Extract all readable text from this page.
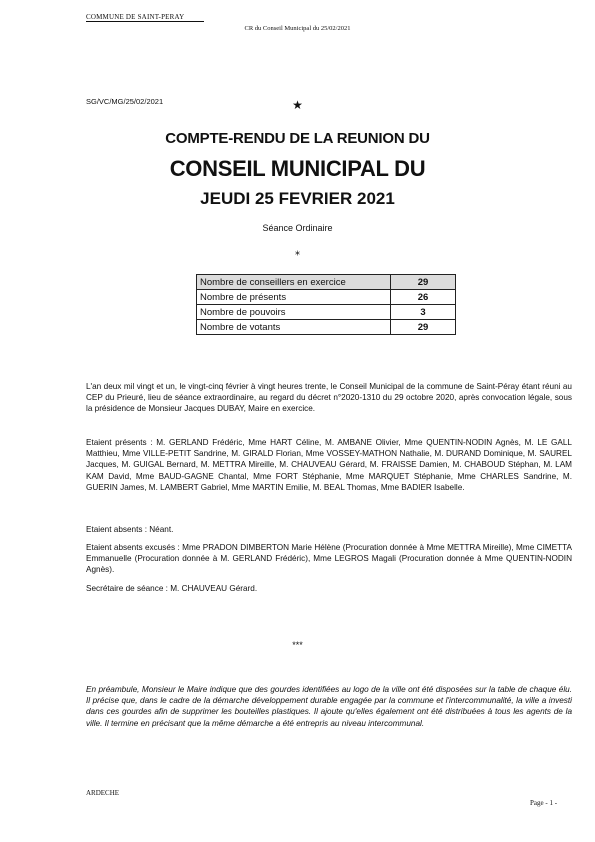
COMMUNE DE SAINT-PERAY
CR du Conseil Municipal du 25/02/2021
SG/VC/MG/25/02/2021	★
COMPTE-RENDU DE LA REUNION DU
CONSEIL MUNICIPAL DU
JEUDI 25 FEVRIER 2021
Séance Ordinaire
⁎
Nombre de conseillers en exercice	29
Nombre de présents	26
Nombre de pouvoirs	3
Nombre de votants	29
L'an deux mil vingt et un, le vingt-cinq février à vingt heures trente, le Conseil Municipal de la commune de Saint-Péray étant réuni au CEP du Prieuré, lieu de séance extraordinaire, au regard du décret n°2020-1310 du 29 octobre 2020, après convocation légale, sous la présidence de Monsieur Jacques DUBAY, Maire en exercice.
Etaient présents : M. GERLAND Frédéric, Mme HART Céline, M. AMBANE Olivier, Mme QUENTIN-NODIN Agnès, M. LE GALL Matthieu, Mme VILLE-PETIT Sandrine, M. GIRALD Florian, Mme VOSSEY-MATHON Nathalie, M. DURAND Dominique, M. SAUREL Jacques, M. GUIGAL Bernard, M. METTRA Mireille, M. CHAUVEAU Gérard, M. FRAISSE Damien, M. CHABOUD Stéphan, M. LAM KAM David, Mme BAUD-GAGNE Chantal, Mme FORT Stéphanie, Mme MARQUET Stéphanie, Mme CHARLES Sandrine, M. GUERIN James, M. LAMBERT Gabriel, Mme MARTIN Emilie, M. BEAL Thomas, Mme BADIER Isabelle.
Etaient absents : Néant.
Etaient absents excusés : Mme PRADON DIMBERTON Marie Hélène (Procuration donnée à Mme METTRA Mireille), Mme CIMETTA Emmanuelle (Procuration donnée à M. GERLAND Frédéric), Mme LEGROS Magali (Procuration donnée à Mme QUENTIN-NODIN Agnès).
Secrétaire de séance : M. CHAUVEAU Gérard.
***
En préambule, Monsieur le Maire indique que des gourdes identifiées au logo de la ville ont été disposées sur la table de chaque élu. Il précise que, dans le cadre de la démarche développement durable engagée par la commune et l'intercommunalité, la ville a investi dans ces gourdes afin de supprimer les bouteilles plastiques. Il ajoute qu'elles également ont été distribuées à tous les agents de la ville. Il termine en précisant que la même démarche a été entrepris au niveau intercommunal.
ARDECHE
Page - 1 -
